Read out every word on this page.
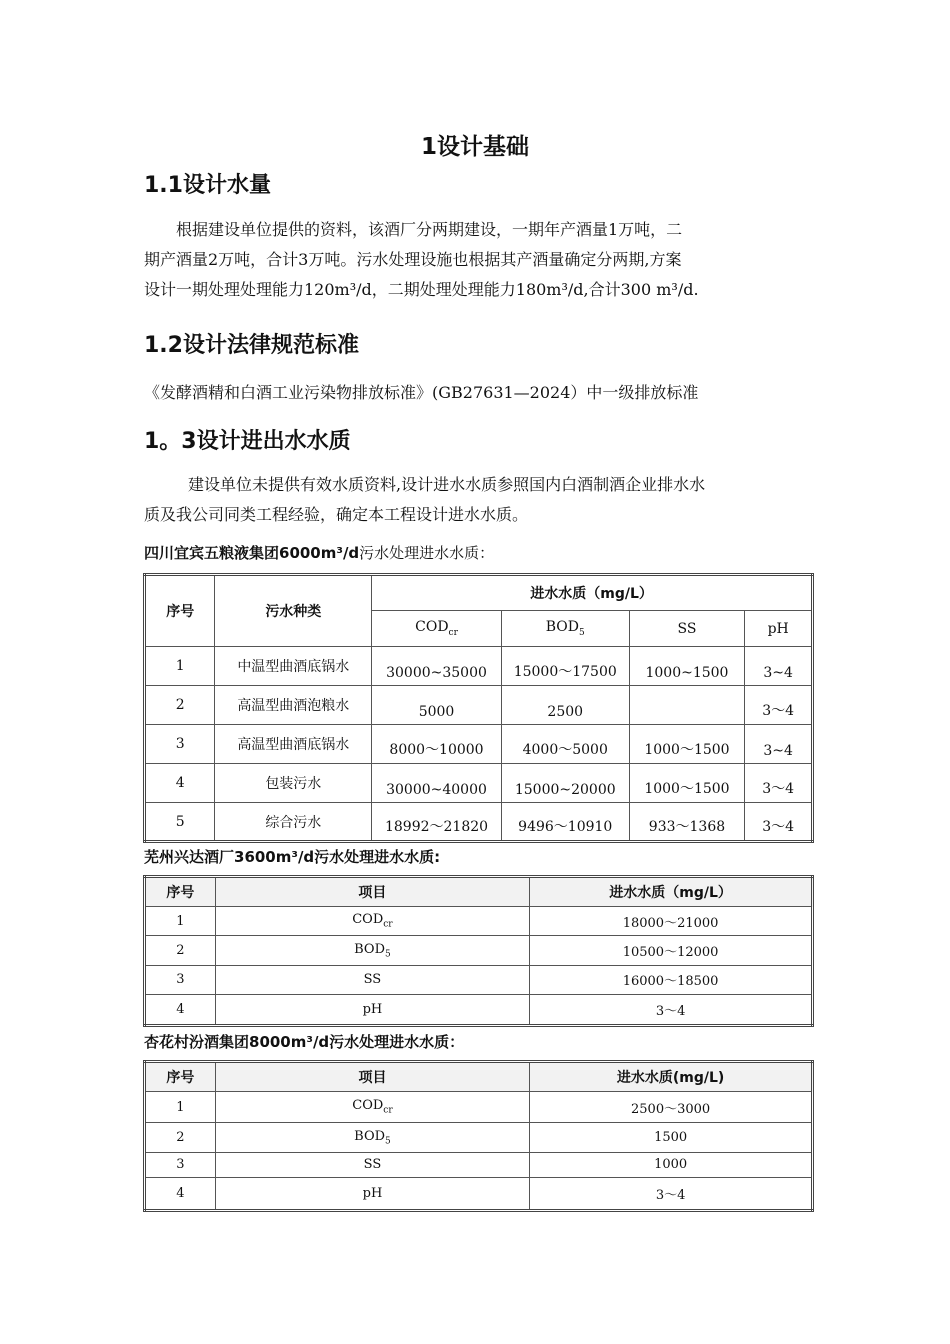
1设计基础
1.1设计水量

根据建设单位提供的资料，该酒厂分两期建设，一期年产酒量1万吨，二

期产酒量2万吨，合计3万吨。污水处理设施也根据其产酒量确定分两期,方案

设计一期处理处理能力120m³/d，二期处理处理能力180m³/d,合计300 m³/d.

1.2设计法律规范标准
《发酵酒精和白酒工业污染物排放标准》(GB27631—2024）中一级排放标准
1。3设计进出水水质

建设单位未提供有效水质资料,设计进水水质参照国内白酒制酒企业排水水

质及我公司同类工程经验，确定本工程设计进水水质。

四川宜宾五粮液集团6000m³/d污水处理进水水质：
序号	污水种类	进水水质（mg/L）			
		$COD_{cr}$	$BOD_5$	SS	pH
1	中温型曲酒底锅水	30000~35000	15000～17500	1000~1500	3~4
2	高温型曲酒泡粮水	5000	2500		3～4
3	高温型曲酒底锅水	8000～10000	4000～5000	1000～1500	3~4
4	包装污水	30000~40000	15000~20000	1000～1500	3～4
5	综合污水	18992～21820	9496～10910	933～1368	3～4
芜州兴达酒厂3600m³/d污水处理进水水质:
序号	项目	进水水质（mg/L）
1	$COD_{cr}$	18000～21000
2	$BOD_5$	10500～12000
3	SS	16000～18500
4	pH	3～4
杏花村汾酒集团8000m³/d污水处理进水水质：
序号	项目	进水水质(mg/L)
1	$COD_{cr}$	2500～3000
2	$BOD_5$	1500
3	SS	1000
4	pH	3～4
